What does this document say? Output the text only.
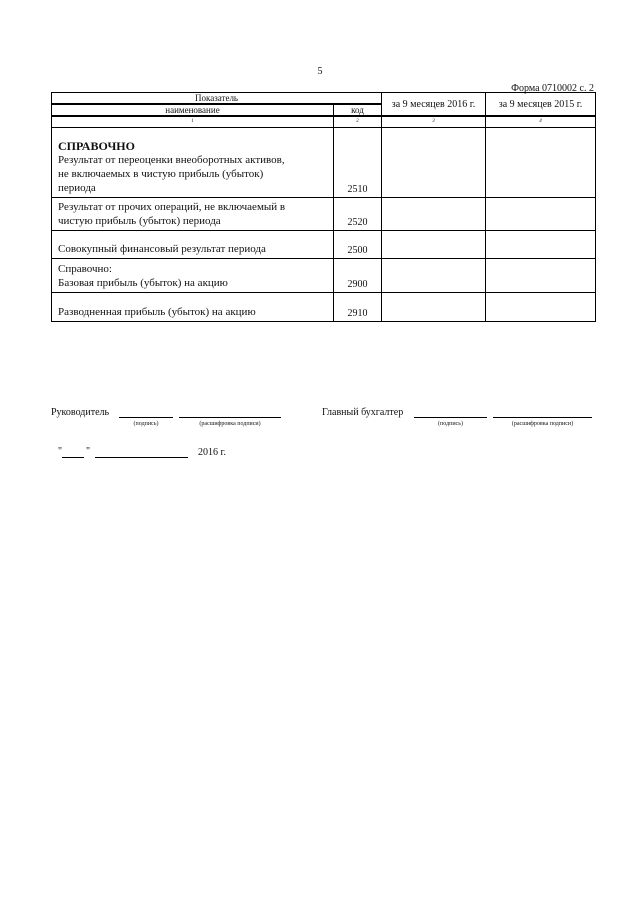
5
Форма 0710002 с. 2
Показатель		за 9 месяцев 2016 г.	за 9 месяцев 2015 г.
наименование	код		
1	2	3	4

СПРАВОЧНО
Результат от переоценки внеоборотных активов,
не включаемых в чистую прибыль (убыток)
периода	2510		

Результат от прочих операций, не включаемый в
чистую прибыль (убыток) периода	2520		

Совокупный финансовый результат периода	2500		

Справочно:
Базовая прибыль (убыток) на акцию	2900		

Разводненная прибыль (убыток) на акцию	2910		
Руководитель
(подпись)	(расшифровка подписи)
Главный бухгалтер
(подпись)	(расшифровка подписи)
" "	2016 г.
